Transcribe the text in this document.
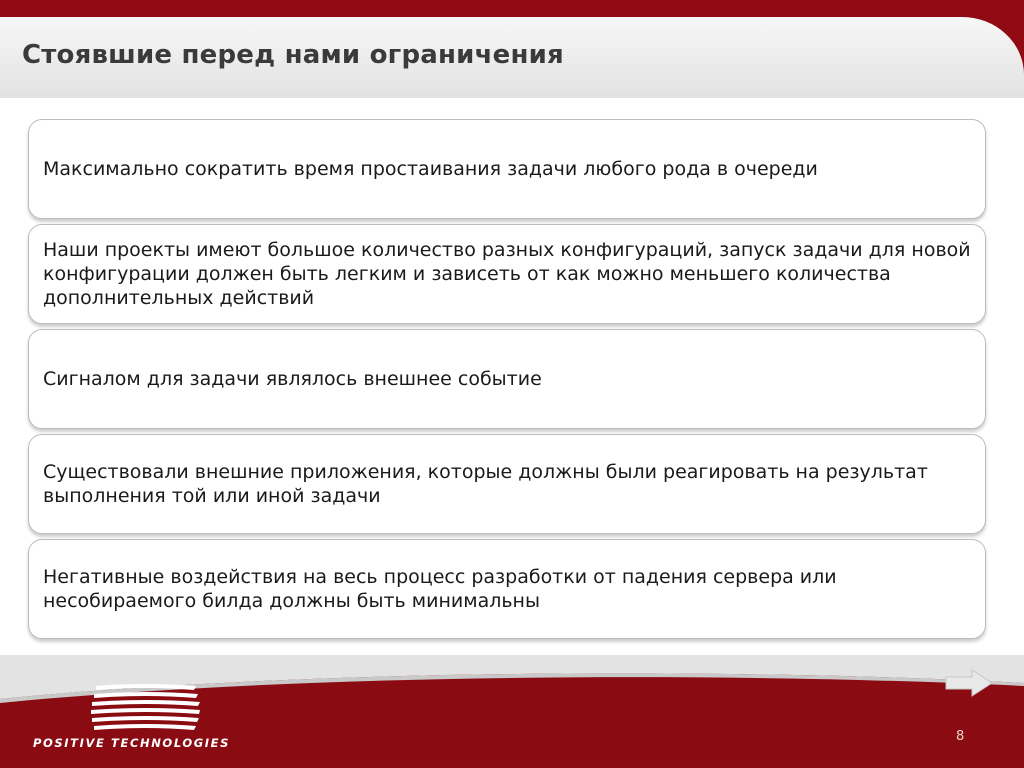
Стоявшие перед нами ограничения
Максимально сократить время простаивания задачи любого рода в очереди
Наши проекты имеют большое количество разных конфигураций, запуск задачи для новой конфигурации должен быть легким и зависеть от как можно меньшего количества дополнительных действий
Сигналом для задачи являлось внешнее событие
Существовали внешние приложения, которые должны были реагировать на результат выполнения той или иной задачи
Негативные воздействия на весь процесс разработки от падения сервера или несобираемого билда должны быть минимальны
POSITIVE TECHNOLOGIES	8
